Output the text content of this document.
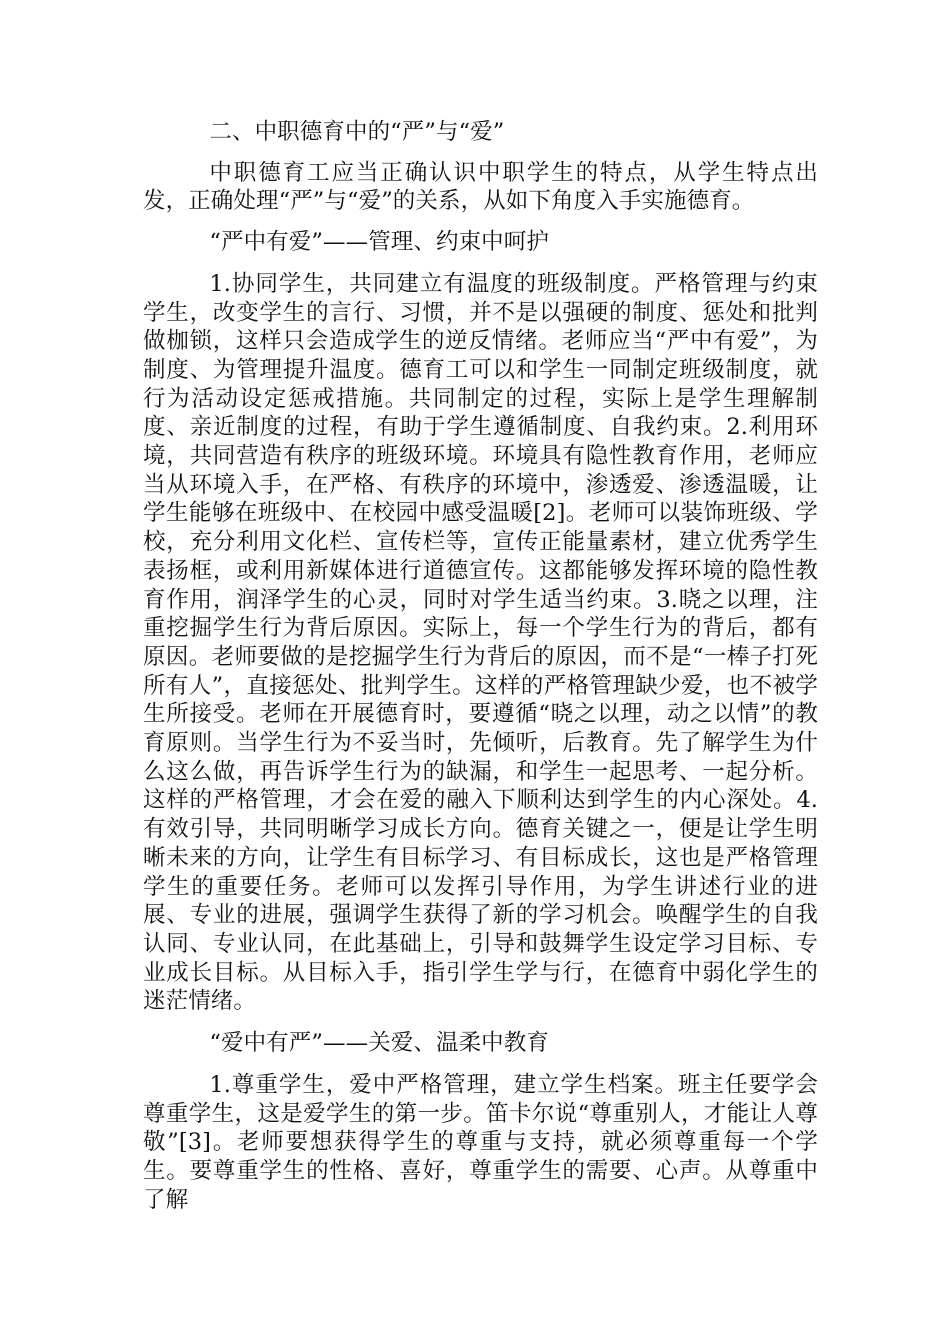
二、中职德育中的“严”与“爱”

中职德育工应当正确认识中职学生的特点，从学生特点出发，正确处理“严”与“爱”的关系，从如下角度入手实施德育。

“严中有爱”——管理、约束中呵护

1.协同学生，共同建立有温度的班级制度。严格管理与约束学生，改变学生的言行、习惯，并不是以强硬的制度、惩处和批判做枷锁，这样只会造成学生的逆反情绪。老师应当“严中有爱”，为制度、为管理提升温度。德育工可以和学生一同制定班级制度，就行为活动设定惩戒措施。共同制定的过程，实际上是学生理解制度、亲近制度的过程，有助于学生遵循制度、自我约束。2.利用环境，共同营造有秩序的班级环境。环境具有隐性教育作用，老师应当从环境入手，在严格、有秩序的环境中，渗透爱、渗透温暖，让学生能够在班级中、在校园中感受温暖[2]。老师可以装饰班级、学校，充分利用文化栏、宣传栏等，宣传正能量素材，建立优秀学生表扬框，或利用新媒体进行道德宣传。这都能够发挥环境的隐性教育作用，润泽学生的心灵，同时对学生适当约束。3.晓之以理，注重挖掘学生行为背后原因。实际上，每一个学生行为的背后，都有原因。老师要做的是挖掘学生行为背后的原因，而不是“一棒子打死所有人”，直接惩处、批判学生。这样的严格管理缺少爱，也不被学生所接受。老师在开展德育时，要遵循“晓之以理，动之以情”的教育原则。当学生行为不妥当时，先倾听，后教育。先了解学生为什么这么做，再告诉学生行为的缺漏，和学生一起思考、一起分析。这样的严格管理，才会在爱的融入下顺利达到学生的内心深处。4.有效引导，共同明晰学习成长方向。德育关键之一，便是让学生明晰未来的方向，让学生有目标学习、有目标成长，这也是严格管理学生的重要任务。老师可以发挥引导作用，为学生讲述行业的进展、专业的进展，强调学生获得了新的学习机会。唤醒学生的自我认同、专业认同，在此基础上，引导和鼓舞学生设定学习目标、专业成长目标。从目标入手，指引学生学与行，在德育中弱化学生的迷茫情绪。

“爱中有严”——关爱、温柔中教育

1.尊重学生，爱中严格管理，建立学生档案。班主任要学会尊重学生，这是爱学生的第一步。笛卡尔说“尊重别人，才能让人尊敬”[3]。老师要想获得学生的尊重与支持，就必须尊重每一个学生。要尊重学生的性格、喜好，尊重学生的需要、心声。从尊重中了解
